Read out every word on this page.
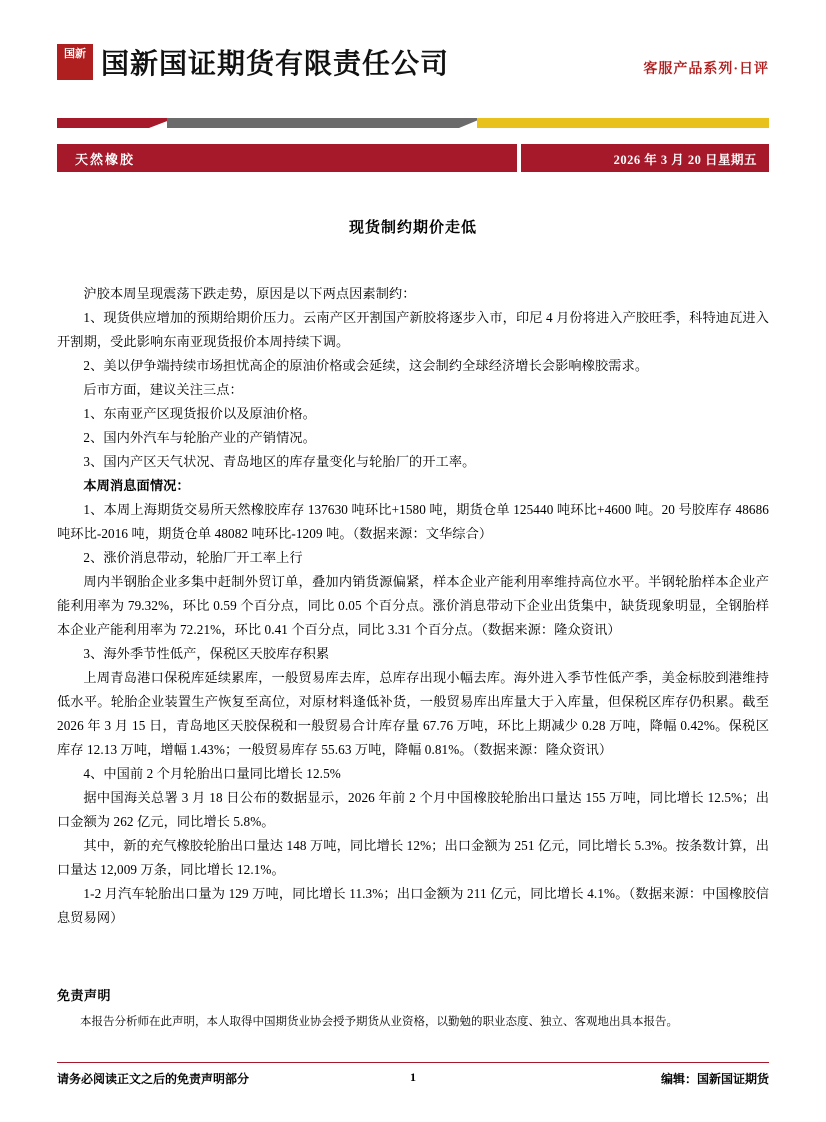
国新 国新国证期货有限责任公司	客服产品系列·日评
天然橡胶	2026 年 3 月 20 日星期五
现货制约期价走低

沪胶本周呈现震荡下跌走势，原因是以下两点因素制约：

1、现货供应增加的预期给期价压力。云南产区开割国产新胶将逐步入市，印尼 4 月份将进入产胶旺季，科特迪瓦进入开割期，受此影响东南亚现货报价本周持续下调。

2、美以伊争端持续市场担忧高企的原油价格或会延续，这会制约全球经济增长会影响橡胶需求。

后市方面，建议关注三点：

1、东南亚产区现货报价以及原油价格。

2、国内外汽车与轮胎产业的产销情况。

3、国内产区天气状况、青岛地区的库存量变化与轮胎厂的开工率。

本周消息面情况：

1、本周上海期货交易所天然橡胶库存 137630 吨环比+1580 吨，期货仓单 125440 吨环比+4600 吨。20 号胶库存 48686 吨环比-2016 吨，期货仓单 48082 吨环比-1209 吨。（数据来源：文华综合）

2、涨价消息带动，轮胎厂开工率上行

周内半钢胎企业多集中赶制外贸订单，叠加内销货源偏紧，样本企业产能利用率维持高位水平。半钢轮胎样本企业产能利用率为 79.32%，环比 0.59 个百分点，同比 0.05 个百分点。涨价消息带动下企业出货集中，缺货现象明显，全钢胎样本企业产能利用率为 72.21%，环比 0.41 个百分点，同比 3.31 个百分点。（数据来源：隆众资讯）

3、海外季节性低产，保税区天胶库存积累

上周青岛港口保税库延续累库，一般贸易库去库，总库存出现小幅去库。海外进入季节性低产季，美金标胶到港维持低水平。轮胎企业装置生产恢复至高位，对原材料逢低补货，一般贸易库出库量大于入库量，但保税区库存仍积累。截至 2026 年 3 月 15 日，青岛地区天胶保税和一般贸易合计库存量 67.76 万吨，环比上期减少 0.28 万吨，降幅 0.42%。保税区库存 12.13 万吨，增幅 1.43%；一般贸易库存 55.63 万吨，降幅 0.81%。（数据来源：隆众资讯）

4、中国前 2 个月轮胎出口量同比增长 12.5%

据中国海关总署 3 月 18 日公布的数据显示，2026 年前 2 个月中国橡胶轮胎出口量达 155 万吨，同比增长 12.5%；出口金额为 262 亿元，同比增长 5.8%。

其中，新的充气橡胶轮胎出口量达 148 万吨，同比增长 12%；出口金额为 251 亿元，同比增长 5.3%。按条数计算，出口量达 12,009 万条，同比增长 12.1%。

1-2 月汽车轮胎出口量为 129 万吨，同比增长 11.3%；出口金额为 211 亿元，同比增长 4.1%。（数据来源：中国橡胶信息贸易网）

免责声明
本报告分析师在此声明，本人取得中国期货业协会授予期货从业资格，以勤勉的职业态度、独立、客观地出具本报告。
请务必阅读正文之后的免责声明部分	1	编辑：国新国证期货
